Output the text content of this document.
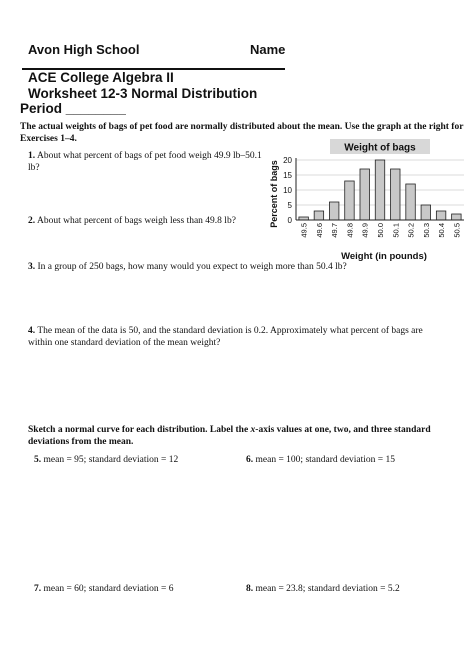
Avon High School	Name
ACE College Algebra II
Worksheet 12-3 Normal Distribution
Period ________
The actual weights of bags of pet food are normally distributed about the mean. Use the graph at the right for Exercises 1–4.
1. About what percent of bags of pet food weigh 49.9 lb–50.1 lb?
2. About what percent of bags weigh less than 49.8 lb?
3. In a group of 250 bags, how many would you expect to weigh more than 50.4 lb?
4. The mean of the data is 50, and the standard deviation is 0.2. Approximately what percent of bags are within one standard deviation of the mean weight?
Weight of bags
0
5
10
15
20
49.5 49.6 49.7 49.8 49.9 50.0 50.1 50.2 50.3 50.4 50.5
Percent of bags
Weight (in pounds)
Sketch a normal curve for each distribution. Label the x-axis values at one, two, and three standard deviations from the mean.
5. mean = 95; standard deviation = 12	6. mean = 100; standard deviation = 15
7. mean = 60; standard deviation = 6	8. mean = 23.8; standard deviation = 5.2
